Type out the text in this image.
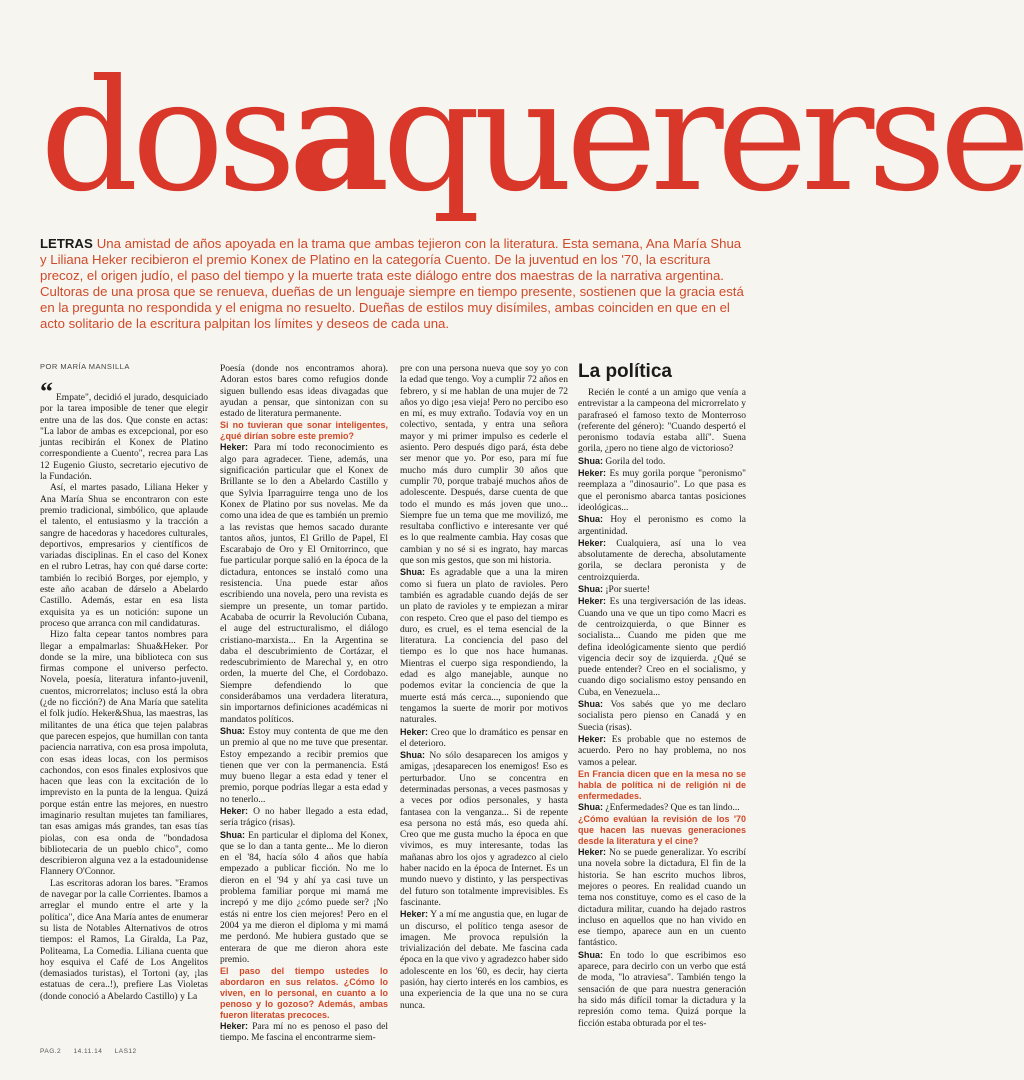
dosaquererse
LETRAS Una amistad de años apoyada en la trama que ambas tejieron con la literatura. Esta semana, Ana María Shua y Liliana Heker recibieron el premio Konex de Platino en la categoría Cuento. De la juventud en los '70, la escritura precoz, el origen judío, el paso del tiempo y la muerte trata este diálogo entre dos maestras de la narrativa argentina. Cultoras de una prosa que se renueva, dueñas de un lenguaje siempre en tiempo presente, sostienen que la gracia está en la pregunta no respondida y el enigma no resuelto. Dueñas de estilos muy disímiles, ambas coinciden en que en el acto solitario de la escritura palpitan los límites y deseos de cada una.
POR MARÍA MANSILLA

“ Empate", decidió el jurado, desquiciado por la tarea imposible de tener que elegir entre una de las dos. Que conste en actas: "La labor de ambas es excepcional, por eso juntas recibirán el Konex de Platino correspondiente a Cuento", recrea para Las 12 Eugenio Giusto, secretario ejecutivo de la Fundación.

Así, el martes pasado, Liliana Heker y Ana María Shua se encontraron con este premio tradicional, simbólico, que aplaude el talento, el entusiasmo y la tracción a sangre de hacedoras y hacedores culturales, deportivos, empresarios y científicos de variadas disciplinas. En el caso del Konex en el rubro Letras, hay con qué darse corte: también lo recibió Borges, por ejemplo, y este año acaban de dárselo a Abelardo Castillo. Además, estar en esa lista exquisita ya es un notición: supone un proceso que arranca con mil candidaturas.

Hizo falta cepear tantos nombres para llegar a empalmarlas: Shua&Heker. Por donde se la mire, una biblioteca con sus firmas compone el universo perfecto. Novela, poesía, literatura infanto-juvenil, cuentos, microrrelatos; incluso está la obra (¿de no ficción?) de Ana María que satelita el folk judío. Heker&Shua, las maestras, las militantes de una ética que tejen palabras que parecen espejos, que humillan con tanta paciencia narrativa, con esa prosa impoluta, con esas ideas locas, con los permisos cachondos, con esos finales explosivos que hacen que leas con la excitación de lo imprevisto en la punta de la lengua. Quizá porque están entre las mejores, en nuestro imaginario resultan mujetes tan familiares, tan esas amigas más grandes, tan esas tías piolas, con esa onda de "bondadosa bibliotecaria de un pueblo chico", como describieron alguna vez a la estadounidense Flannery O'Connor.

Las escritoras adoran los bares. "Eramos de navegar por la calle Corrientes. Ibamos a arreglar el mundo entre el arte y la política", dice Ana María antes de enumerar su lista de Notables Alternativos de otros tiempos: el Ramos, La Giralda, La Paz, Politeama, La Comedia. Liliana cuenta que hoy esquiva el Café de Los Angelitos (demasiados turistas), el Tortoni (ay, ¡las estatuas de cera..!), prefiere Las Violetas (donde conoció a Abelardo Castillo) y La

Poesía (donde nos encontramos ahora). Adoran estos bares como refugios donde siguen bullendo esas ideas divagadas que ayudan a pensar, que sintonizan con su estado de literatura permanente.

Si no tuvieran que sonar inteligentes, ¿qué dirían sobre este premio?

Heker: Para mí todo reconocimiento es algo para agradecer. Tiene, además, una significación particular que el Konex de Brillante se lo den a Abelardo Castillo y que Sylvia Iparraguirre tenga uno de los Konex de Platino por sus novelas. Me da como una idea de que es también un premio a las revistas que hemos sacado durante tantos años, juntos, El Grillo de Papel, El Escarabajo de Oro y El Ornitorrinco, que fue particular porque salió en la época de la dictadura, entonces se instaló como una resistencia. Una puede estar años escribiendo una novela, pero una revista es siempre un presente, un tomar partido. Acababa de ocurrir la Revolución Cubana, el auge del estructuralismo, el diálogo cristiano-marxista... En la Argentina se daba el descubrimiento de Cortázar, el redescubrimiento de Marechal y, en otro orden, la muerte del Che, el Cordobazo. Siempre defendiendo lo que considerábamos una verdadera literatura, sin importarnos definiciones académicas ni mandatos políticos.

Shua: Estoy muy contenta de que me den un premio al que no me tuve que presentar. Estoy empezando a recibir premios que tienen que ver con la permanencia. Está muy bueno llegar a esta edad y tener el premio, porque podrías llegar a esta edad y no tenerlo...

Heker: O no haber llegado a esta edad, sería trágico (risas).

Shua: En particular el diploma del Konex, que se lo dan a tanta gente... Me lo dieron en el '84, hacía sólo 4 años que había empezado a publicar ficción. No me lo dieron en el '94 y ahí ya casi tuve un problema familiar porque mi mamá me increpó y me dijo ¿cómo puede ser? ¡No estás ni entre los cien mejores! Pero en el 2004 ya me dieron el diploma y mi mamá me perdonó. Me hubiera gustado que se enterara de que me dieron ahora este premio.

El paso del tiempo ustedes lo abordaron en sus relatos. ¿Cómo lo viven, en lo personal, en cuanto a lo penoso y lo gozoso? Además, ambas fueron literatas precoces.

Heker: Para mí no es penoso el paso del tiempo. Me fascina el encontrarme siem-

pre con una persona nueva que soy yo con la edad que tengo. Voy a cumplir 72 años en febrero, y si me hablan de una mujer de 72 años yo digo ¡esa vieja! Pero no percibo eso en mí, es muy extraño. Todavía voy en un colectivo, sentada, y entra una señora mayor y mi primer impulso es cederle el asiento. Pero después digo pará, ésta debe ser menor que yo. Por eso, para mí fue mucho más duro cumplir 30 años que cumplir 70, porque trabajé muchos años de adolescente. Después, darse cuenta de que todo el mundo es más joven que uno... Siempre fue un tema que me movilizó, me resultaba conflictivo e interesante ver qué es lo que realmente cambia. Hay cosas que cambian y no sé si es ingrato, hay marcas que son mis gestos, que son mi historia.

Shua: Es agradable que a una la miren como si fuera un plato de ravioles. Pero también es agradable cuando dejás de ser un plato de ravioles y te empiezan a mirar con respeto. Creo que el paso del tiempo es duro, es cruel, es el tema esencial de la literatura. La conciencia del paso del tiempo es lo que nos hace humanas. Mientras el cuerpo siga respondiendo, la edad es algo manejable, aunque no podemos evitar la conciencia de que la muerte está más cerca..., suponiendo que tengamos la suerte de morir por motivos naturales.

Heker: Creo que lo dramático es pensar en el deterioro.

Shua: No sólo desaparecen los amigos y amigas, ¡desaparecen los enemigos! Eso es perturbador. Uno se concentra en determinadas personas, a veces pasmosas y a veces por odios personales, y hasta fantasea con la venganza... Si de repente esa persona no está más, eso queda ahí. Creo que me gusta mucho la época en que vivimos, es muy interesante, todas las mañanas abro los ojos y agradezco al cielo haber nacido en la época de Internet. Es un mundo nuevo y distinto, y las perspectivas del futuro son totalmente imprevisibles. Es fascinante.

Heker: Y a mí me angustia que, en lugar de un discurso, el político tenga asesor de imagen. Me provoca repulsión la trivialización del debate. Me fascina cada época en la que vivo y agradezco haber sido adolescente en los '60, es decir, hay cierta pasión, hay cierto interés en los cambios, es una experiencia de la que una no se cura nunca.

La política

Recién le conté a un amigo que venía a entrevistar a la campeona del microrrelato y parafraseó el famoso texto de Monterroso (referente del género): "Cuando despertó el peronismo todavía estaba allí". Suena gorila, ¿pero no tiene algo de victorioso?

Shua: Gorila del todo.

Heker: Es muy gorila porque "peronismo" reemplaza a "dinosaurio". Lo que pasa es que el peronismo abarca tantas posiciones ideológicas...

Shua: Hoy el peronismo es como la argentinidad.

Heker: Cualquiera, así una lo vea absolutamente de derecha, absolutamente gorila, se declara peronista y de centroizquierda.

Shua: ¡Por suerte!

Heker: Es una tergiversación de las ideas. Cuando una ve que un tipo como Macri es de centroizquierda, o que Binner es socialista... Cuando me piden que me defina ideológicamente siento que perdió vigencia decir soy de izquierda. ¿Qué se puede entender? Creo en el socialismo, y cuando digo socialismo estoy pensando en Cuba, en Venezuela...

Shua: Vos sabés que yo me declaro socialista pero pienso en Canadá y en Suecia (risas).

Heker: Es probable que no estemos de acuerdo. Pero no hay problema, no nos vamos a pelear.

En Francia dicen que en la mesa no se habla de política ni de religión ni de enfermedades.

Shua: ¿Enfermedades? Que es tan lindo...

¿Cómo evalúan la revisión de los '70 que hacen las nuevas generaciones desde la literatura y el cine?

Heker: No se puede generalizar. Yo escribí una novela sobre la dictadura, El fin de la historia. Se han escrito muchos libros, mejores o peores. En realidad cuando un tema nos constituye, como es el caso de la dictadura militar, cuando ha dejado rastros incluso en aquellos que no han vivido en ese tiempo, aparece aun en un cuento fantástico.

Shua: En todo lo que escribimos eso aparece, para decirlo con un verbo que está de moda, "lo atraviesa". También tengo la sensación de que para nuestra generación ha sido más difícil tomar la dictadura y la represión como tema. Quizá porque la ficción estaba obturada por el tes-

PAG.2 14.11.14 LAS12
